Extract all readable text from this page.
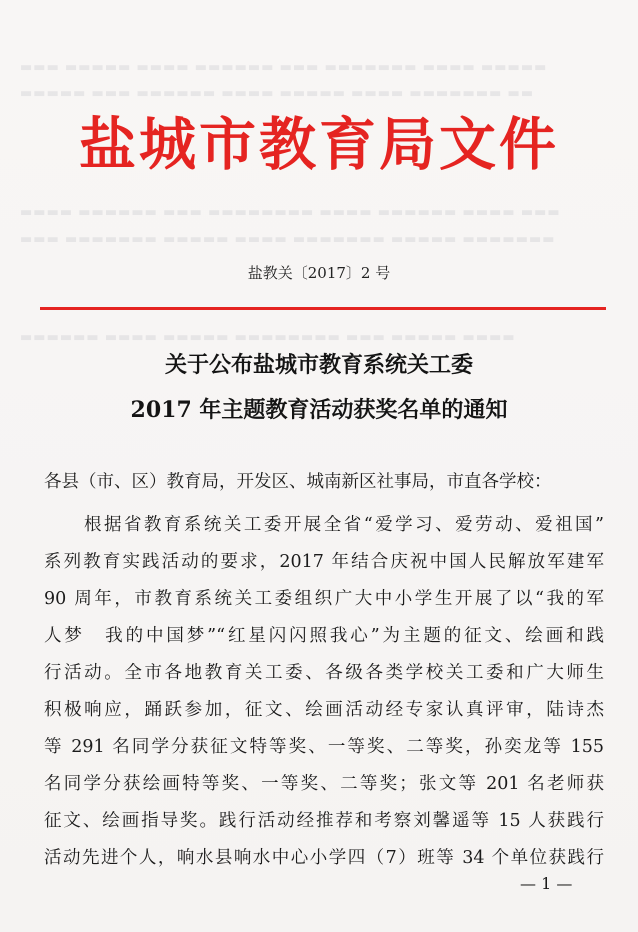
▬▬▬ ▬▬▬▬▬ ▬▬▬▬ ▬▬▬▬▬▬ ▬▬▬ ▬▬▬▬▬▬▬ ▬▬▬▬ ▬▬▬▬▬
▬▬▬▬▬ ▬▬▬ ▬▬▬▬▬▬ ▬▬▬▬ ▬▬▬▬▬ ▬▬▬▬ ▬▬▬▬▬▬▬ ▬▬
▬▬▬▬ ▬▬▬▬▬▬ ▬▬▬ ▬▬▬▬▬▬▬▬ ▬▬▬▬ ▬▬▬▬▬▬ ▬▬▬▬ ▬▬▬
▬▬▬ ▬▬▬▬▬▬▬ ▬▬▬▬▬ ▬▬▬▬ ▬▬▬▬▬▬▬ ▬▬▬▬▬ ▬▬▬▬▬▬▬
▬▬▬▬▬▬ ▬▬▬▬ ▬▬▬▬▬ ▬▬▬▬▬▬▬▬ ▬▬▬ ▬▬▬▬▬ ▬▬▬▬
盐城市教育局文件
盐教关〔2017〕2 号
关于公布盐城市教育系统关工委
2017 年主题教育活动获奖名单的通知
各县（市、区）教育局，开发区、城南新区社事局，市直各学校：
　　根据省教育系统关工委开展全省“爱学习、爱劳动、爱祖国”
系列教育实践活动的要求，2017 年结合庆祝中国人民解放军建军
90 周年，市教育系统关工委组织广大中小学生开展了以“我的军
人梦　我的中国梦”“红星闪闪照我心”为主题的征文、绘画和践
行活动。全市各地教育关工委、各级各类学校关工委和广大师生
积极响应，踊跃参加，征文、绘画活动经专家认真评审，陆诗杰
等 291 名同学分获征文特等奖、一等奖、二等奖，孙奕龙等 155
名同学分获绘画特等奖、一等奖、二等奖；张文等 201 名老师获
征文、绘画指导奖。践行活动经推荐和考察刘馨遥等 15 人获践行
活动先进个人，响水县响水中心小学四（7）班等 34 个单位获践行
— 1 —
